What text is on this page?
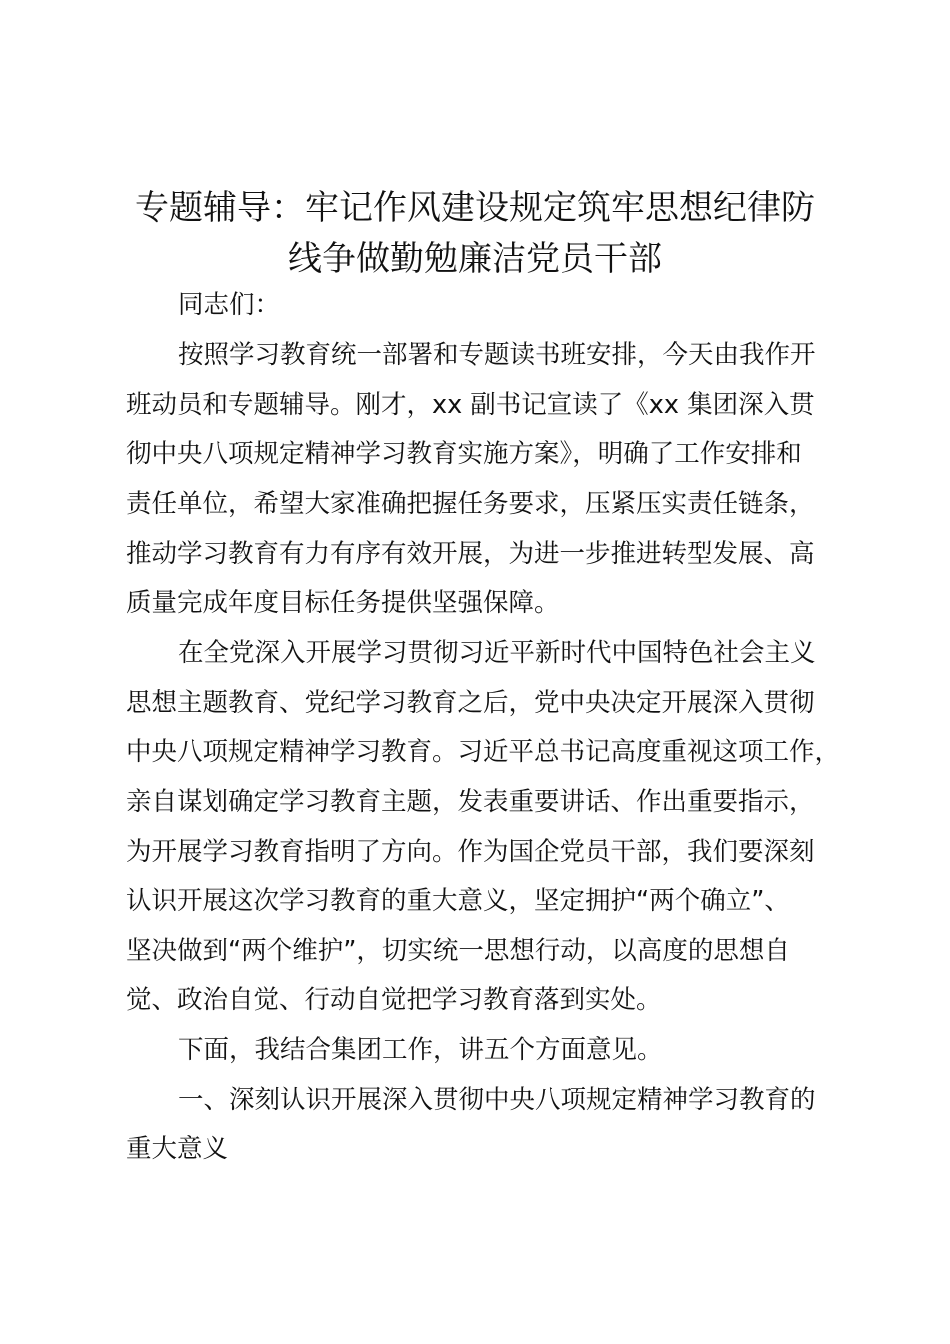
专题辅导：牢记作风建设规定筑牢思想纪律防
线争做勤勉廉洁党员干部
同志们：
按照学习教育统一部署和专题读书班安排，今天由我作开
班动员和专题辅导。刚才，xx 副书记宣读了《xx 集团深入贯
彻中央八项规定精神学习教育实施方案》，明确了工作安排和
责任单位，希望大家准确把握任务要求，压紧压实责任链条，
推动学习教育有力有序有效开展，为进一步推进转型发展、高
质量完成年度目标任务提供坚强保障。
在全党深入开展学习贯彻习近平新时代中国特色社会主义
思想主题教育、党纪学习教育之后，党中央决定开展深入贯彻
中央八项规定精神学习教育。习近平总书记高度重视这项工作，
亲自谋划确定学习教育主题，发表重要讲话、作出重要指示，
为开展学习教育指明了方向。作为国企党员干部，我们要深刻
认识开展这次学习教育的重大意义，坚定拥护“两个确立”、
坚决做到“两个维护”，切实统一思想行动，以高度的思想自
觉、政治自觉、行动自觉把学习教育落到实处。
下面，我结合集团工作，讲五个方面意见。
一、深刻认识开展深入贯彻中央八项规定精神学习教育的
重大意义
